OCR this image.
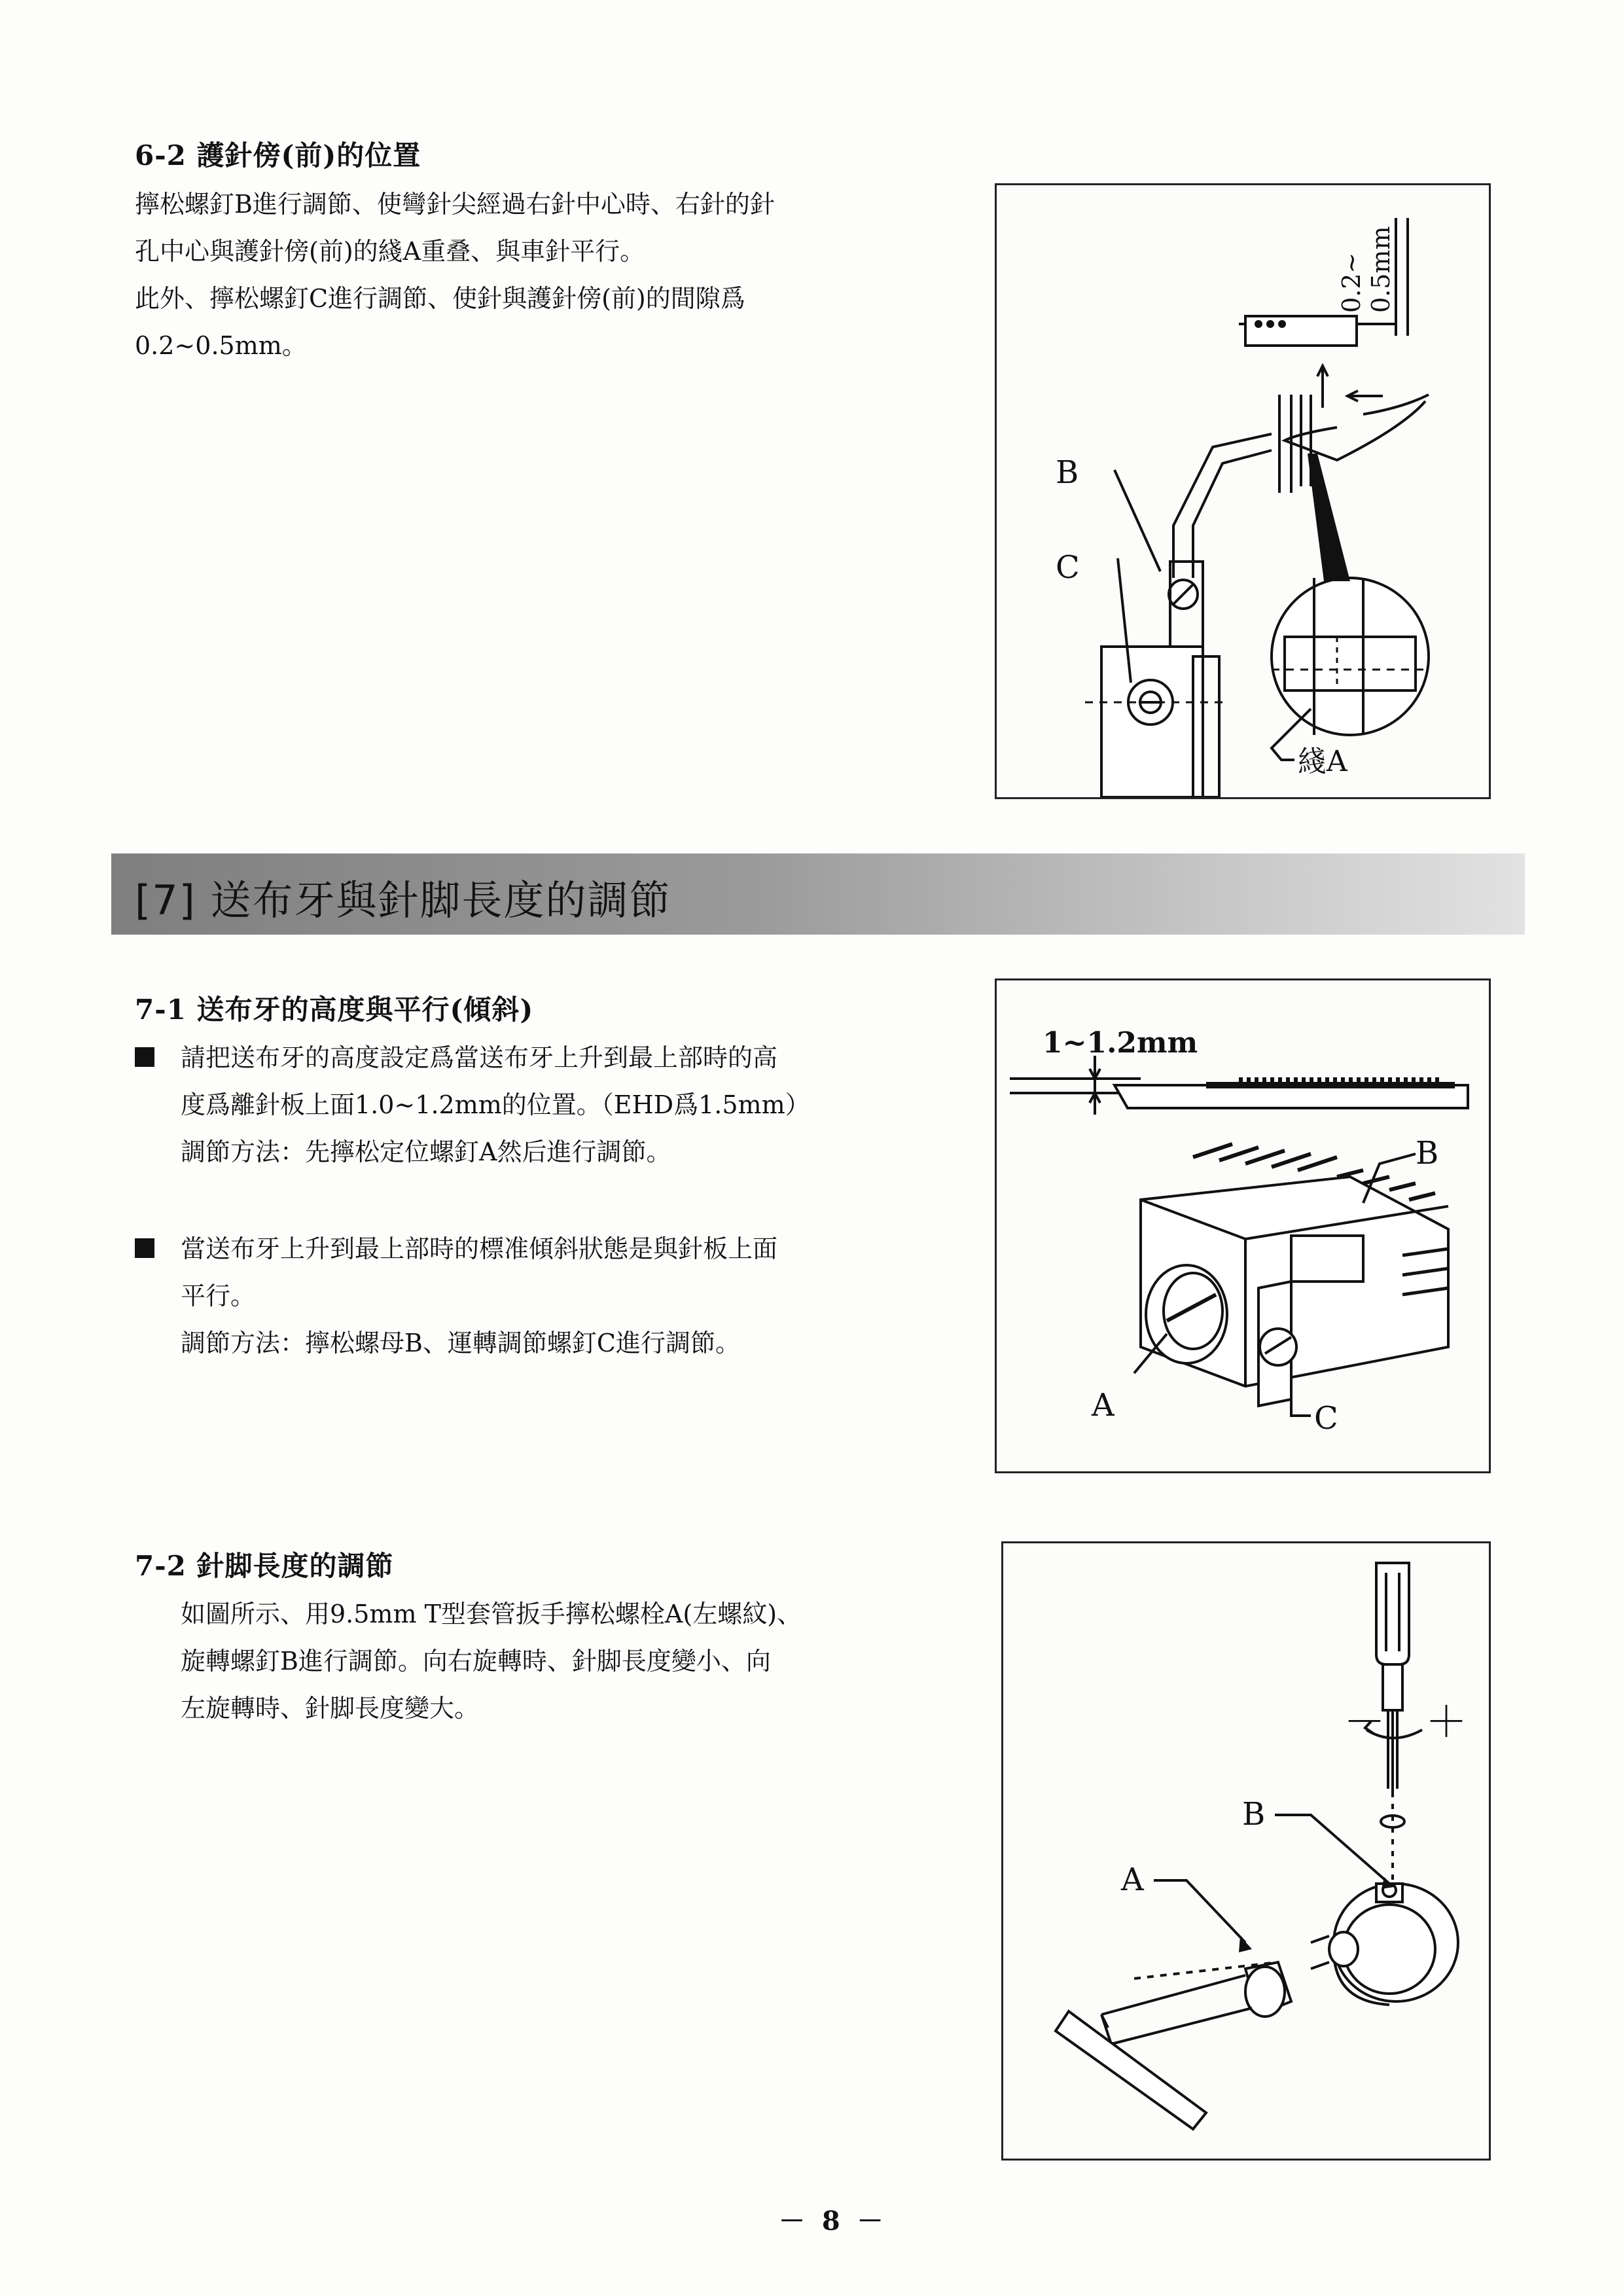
6-2 護針傍(前)的位置

擰松螺釘B進行調節、使彎針尖經過右針中心時、右針的針

孔中心與護針傍(前)的綫A重叠、與車針平行。

此外、擰松螺釘C進行調節、使針與護針傍(前)的間隙爲

0.2~0.5mm。

B
C
綫A
0.2~ 0.5mm
[7] 送布牙與針脚長度的調節
7-1 送布牙的高度與平行(傾斜)

請把送布牙的高度設定爲當送布牙上升到最上部時的高

度爲離針板上面1.0~1.2mm的位置。（EHD爲1.5mm）

調節方法：先擰松定位螺釘A然后進行調節。

當送布牙上升到最上部時的標准傾斜狀態是與針板上面

平行。

調節方法：擰松螺母B、運轉調節螺釘C進行調節。

1~1.2mm
A
B
C
7-2 針脚長度的調節

如圖所示、用9.5mm T型套管扳手擰松螺栓A(左螺紋)、

旋轉螺釘B進行調節。向右旋轉時、針脚長度變小、向

左旋轉時、針脚長度變大。	－ ＋
B
A
－ 8 －
